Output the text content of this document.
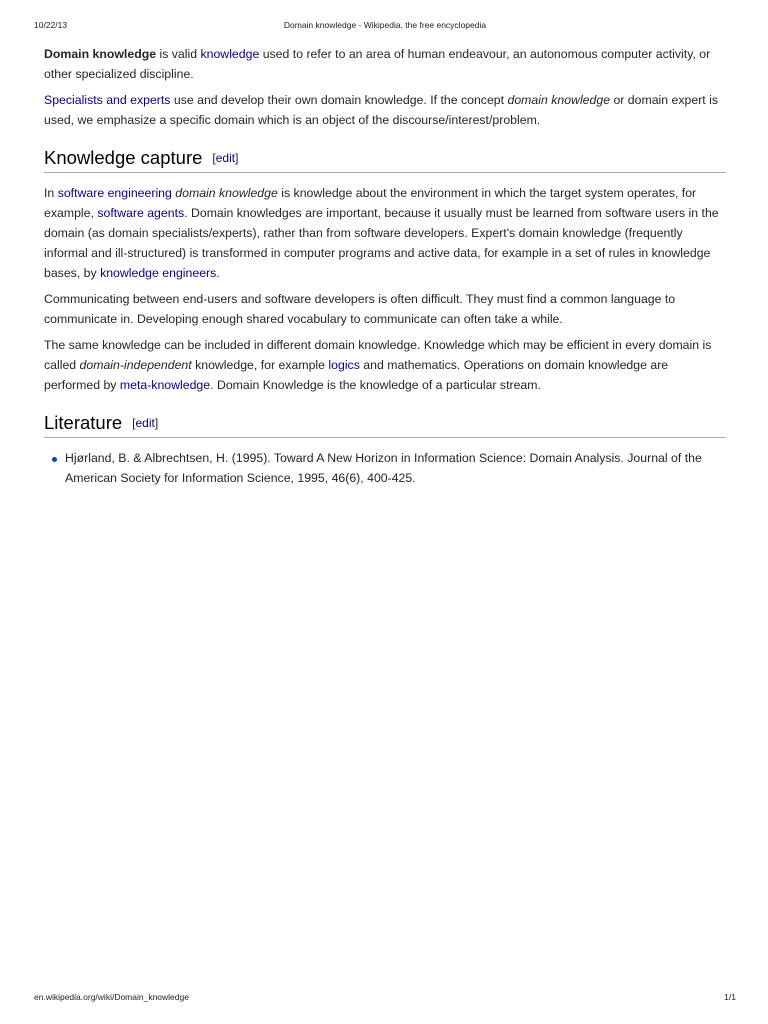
10/22/13	Domain knowledge - Wikipedia, the free encyclopedia

Domain knowledge is valid knowledge used to refer to an area of human endeavour, an autonomous computer activity, or other specialized discipline.

Specialists and experts use and develop their own domain knowledge. If the concept domain knowledge or domain expert is used, we emphasize a specific domain which is an object of the discourse/interest/problem.

Knowledge capture [edit]

In software engineering domain knowledge is knowledge about the environment in which the target system operates, for example, software agents. Domain knowledges are important, because it usually must be learned from software users in the domain (as domain specialists/experts), rather than from software developers. Expert's domain knowledge (frequently informal and ill-structured) is transformed in computer programs and active data, for example in a set of rules in knowledge bases, by knowledge engineers.

Communicating between end-users and software developers is often difficult. They must find a common language to communicate in. Developing enough shared vocabulary to communicate can often take a while.

The same knowledge can be included in different domain knowledge. Knowledge which may be efficient in every domain is called domain-independent knowledge, for example logics and mathematics. Operations on domain knowledge are performed by meta-knowledge. Domain Knowledge is the knowledge of a particular stream.

Literature [edit]
Hjørland, B. & Albrechtsen, H. (1995). Toward A New Horizon in Information Science: Domain Analysis. Journal of the American Society for Information Science, 1995, 46(6), 400-425.
en.wikipedia.org/wiki/Domain_knowledge	1/1
